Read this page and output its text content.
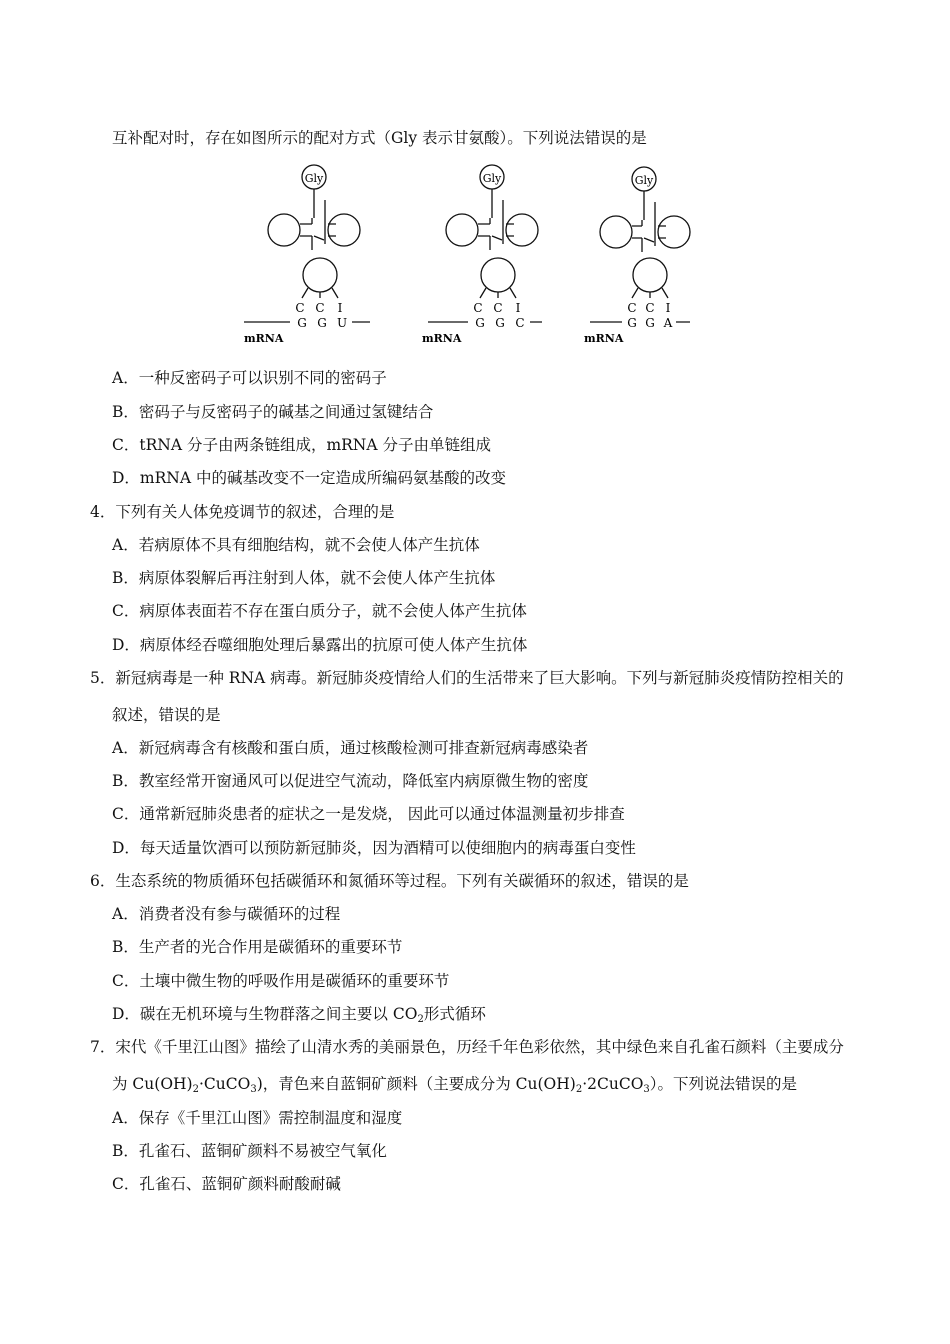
互补配对时，存在如图所示的配对方式（Gly 表示甘氨酸）。下列说法错误的是
Gly
C C I
G G U
mRNA
Gly
C C I
G G C
mRNA
Gly
C C I
G G A
mRNA
A．一种反密码子可以识别不同的密码子
B．密码子与反密码子的碱基之间通过氢键结合
C．tRNA 分子由两条链组成，mRNA 分子由单链组成
D．mRNA 中的碱基改变不一定造成所编码氨基酸的改变
4．下列有关人体免疫调节的叙述，合理的是
A．若病原体不具有细胞结构，就不会使人体产生抗体
B．病原体裂解后再注射到人体，就不会使人体产生抗体
C．病原体表面若不存在蛋白质分子，就不会使人体产生抗体
D．病原体经吞噬细胞处理后暴露出的抗原可使人体产生抗体
5．新冠病毒是一种 RNA 病毒。新冠肺炎疫情给人们的生活带来了巨大影响。下列与新冠肺炎疫情防控相关的
叙述，错误的是
A．新冠病毒含有核酸和蛋白质，通过核酸检测可排查新冠病毒感染者
B．教室经常开窗通风可以促进空气流动，降低室内病原微生物的密度
C．通常新冠肺炎患者的症状之一是发烧， 因此可以通过体温测量初步排查
D．每天适量饮酒可以预防新冠肺炎，因为酒精可以使细胞内的病毒蛋白变性
6．生态系统的物质循环包括碳循环和氮循环等过程。下列有关碳循环的叙述，错误的是
A．消费者没有参与碳循环的过程
B．生产者的光合作用是碳循环的重要环节
C．土壤中微生物的呼吸作用是碳循环的重要环节
D．碳在无机环境与生物群落之间主要以 $CO_2$形式循环
7．宋代《千里江山图》描绘了山清水秀的美丽景色，历经千年色彩依然，其中绿色来自孔雀石颜料（主要成分
为 $Cu(OH)_2\cdot CuCO_3$)，青色来自蓝铜矿颜料（主要成分为 $Cu(OH)_2\cdot 2CuCO_3$）。下列说法错误的是
A．保存《千里江山图》需控制温度和湿度
B．孔雀石、蓝铜矿颜料不易被空气氧化
C．孔雀石、蓝铜矿颜料耐酸耐碱
